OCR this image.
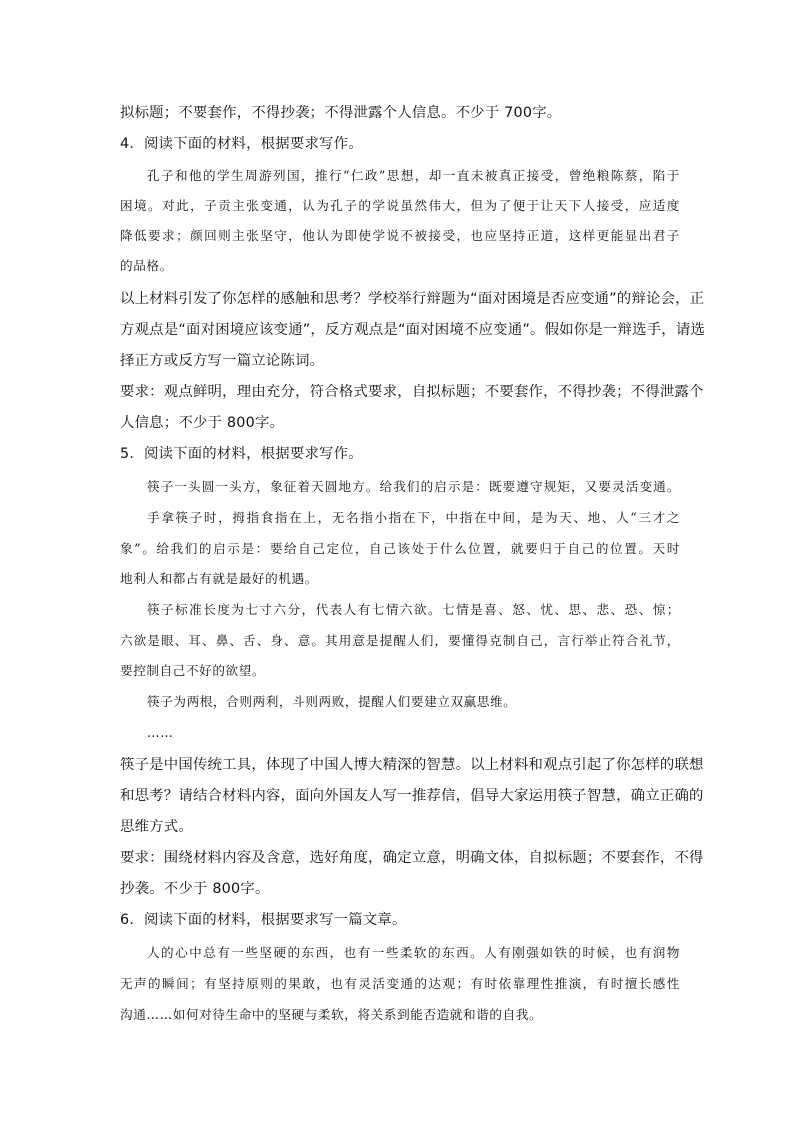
拟标题；不要套作，不得抄袭；不得泄露个人信息。不少于 700字。
4．阅读下面的材料，根据要求写作。
孔子和他的学生周游列国，推行“仁政”思想，却一直未被真正接受，曾绝粮陈蔡，陷于
困境。对此，子贡主张变通，认为孔子的学说虽然伟大，但为了便于让天下人接受，应适度
降低要求；颜回则主张坚守，他认为即使学说不被接受，也应坚持正道，这样更能显出君子
的品格。
以上材料引发了你怎样的感触和思考？学校举行辩题为“面对困境是否应变通”的辩论会，正
方观点是“面对困境应该变通”，反方观点是“面对困境不应变通”。假如你是一辩选手，请选
择正方或反方写一篇立论陈词。
要求：观点鲜明，理由充分，符合格式要求，自拟标题；不要套作，不得抄袭；不得泄露个
人信息；不少于 800字。
5．阅读下面的材料，根据要求写作。
筷子一头圆一头方，象征着天圆地方。给我们的启示是：既要遵守规矩，又要灵活变通。
手拿筷子时，拇指食指在上，无名指小指在下，中指在中间，是为天、地、人“三才之
象”。给我们的启示是：要给自己定位，自己该处于什么位置，就要归于自己的位置。天时
地利人和都占有就是最好的机遇。
筷子标准长度为七寸六分，代表人有七情六欲。七情是喜、怒、忧、思、悲、恐、惊；
六欲是眼、耳、鼻、舌、身、意。其用意是提醒人们，要懂得克制自己，言行举止符合礼节，
要控制自己不好的欲望。
筷子为两根，合则两利，斗则两败，提醒人们要建立双赢思维。
……
筷子是中国传统工具，体现了中国人博大精深的智慧。以上材料和观点引起了你怎样的联想
和思考？请结合材料内容，面向外国友人写一推荐信，倡导大家运用筷子智慧，确立正确的
思维方式。
要求：围绕材料内容及含意，选好角度，确定立意，明确文体，自拟标题；不要套作，不得
抄袭。不少于 800字。
6．阅读下面的材料，根据要求写一篇文章。
人的心中总有一些坚硬的东西，也有一些柔软的东西。人有刚强如铁的时候，也有润物
无声的瞬间；有坚持原则的果敢，也有灵活变通的达观；有时依靠理性推演，有时擅长感性
沟通……如何对待生命中的坚硬与柔软，将关系到能否造就和谐的自我。
